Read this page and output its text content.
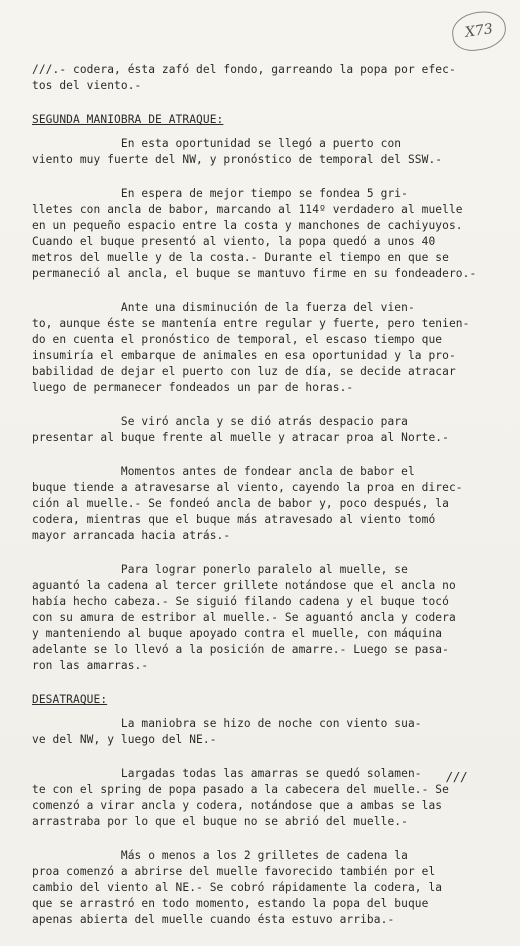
X73
///.- codera, ésta zafó del fondo, garreando la popa por efec-
tos del viento.-
SEGUNDA MANIOBRA DE ATRAQUE:
En esta oportunidad se llegó a puerto con
viento muy fuerte del NW, y pronóstico de temporal del SSW.-
En espera de mejor tiempo se fondea 5 gri-
lletes con ancla de babor, marcando al 114º verdadero al muelle
en un pequeño espacio entre la costa y manchones de cachiyuyos.
Cuando el buque presentó al viento, la popa quedó a unos 40
metros del muelle y de la costa.- Durante el tiempo en que se
permaneció al ancla, el buque se mantuvo firme en su fondeadero.-
Ante una disminución de la fuerza del vien-
to, aunque éste se mantenía entre regular y fuerte, pero tenien-
do en cuenta el pronóstico de temporal, el escaso tiempo que
insumiría el embarque de animales en esa oportunidad y la pro-
babilidad de dejar el puerto con luz de día, se decide atracar
luego de permanecer fondeados un par de horas.-
Se viró ancla y se dió atrás despacio para
presentar al buque frente al muelle y atracar proa al Norte.-
Momentos antes de fondear ancla de babor el
buque tiende a atravesarse al viento, cayendo la proa en direc-
ción al muelle.- Se fondeó ancla de babor y, poco después, la
codera, mientras que el buque más atravesado al viento tomó
mayor arrancada hacia atrás.-
Para lograr ponerlo paralelo al muelle, se
aguantó la cadena al tercer grillete notándose que el ancla no
había hecho cabeza.- Se siguió filando cadena y el buque tocó
con su amura de estribor al muelle.- Se aguantó ancla y codera
y manteniendo al buque apoyado contra el muelle, con máquina
adelante se lo llevó a la posición de amarre.- Luego se pasa-
ron las amarras.-
DESATRAQUE:
La maniobra se hizo de noche con viento sua-
ve del NW, y luego del NE.-
Largadas todas las amarras se quedó solamen-
te con el spring de popa pasado a la cabecera del muelle.- Se
comenzó a virar ancla y codera, notándose que a ambas se las
arrastraba por lo que el buque no se abrió del muelle.-
Más o menos a los 2 grilletes de cadena la
proa comenzó a abrirse del muelle favorecido también por el
cambio del viento al NE.- Se cobró rápidamente la codera, la
que se arrastró en todo momento, estando la popa del buque
apenas abierta del muelle cuando ésta estuvo arriba.-
///
